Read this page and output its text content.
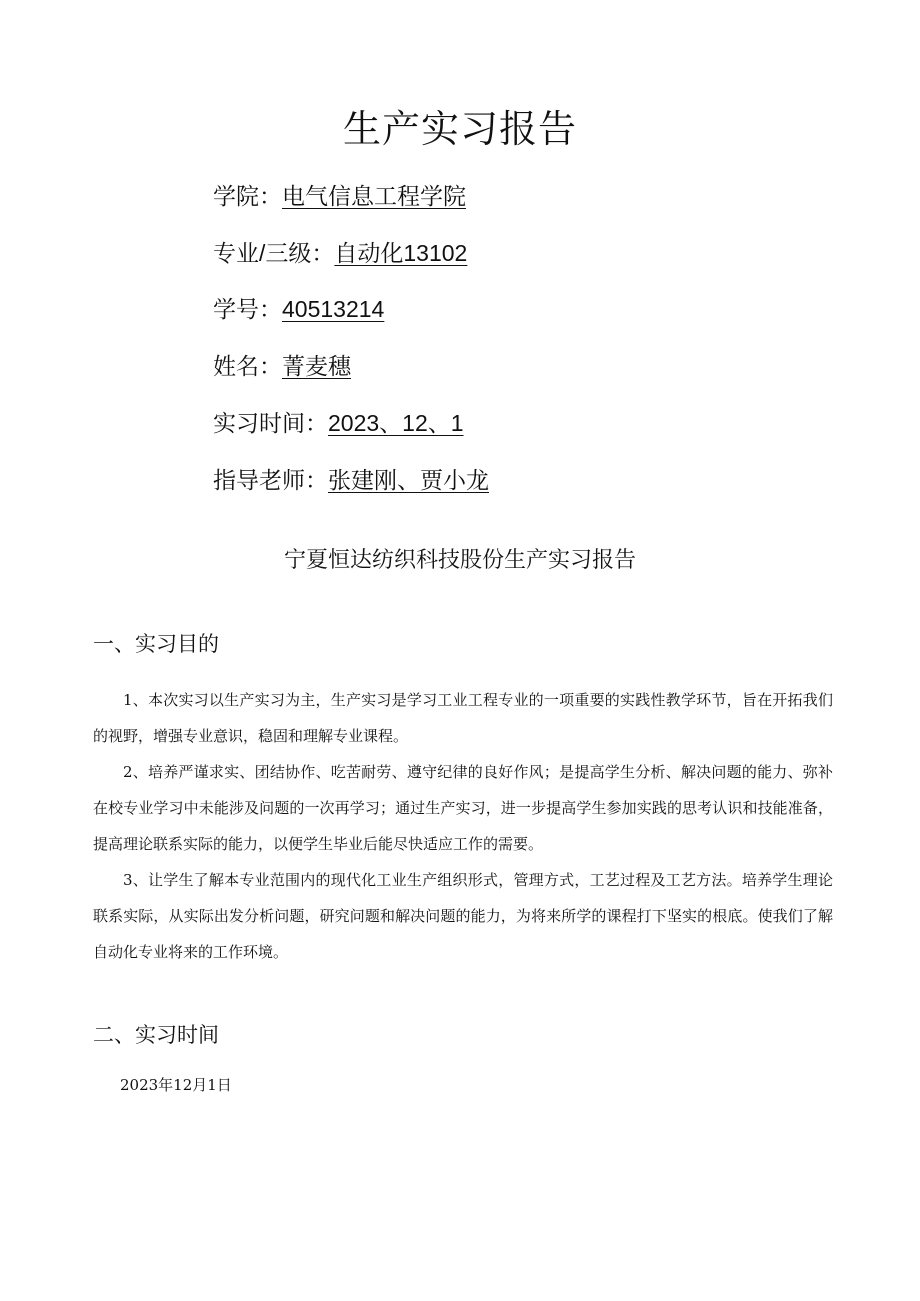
生产实习报告
学院：电气信息工程学院
专业/三级：自动化13102
学号：40513214
姓名：菁麦穗
实习时间：2023、12、1
指导老师：张建刚、贾小龙
宁夏恒达纺织科技股份生产实习报告
一、实习目的

1、本次实习以生产实习为主，生产实习是学习工业工程专业的一项重要的实践性教学环节，旨在开拓我们的视野，增强专业意识，稳固和理解专业课程。

2、培养严谨求实、团结协作、吃苦耐劳、遵守纪律的良好作风；是提高学生分析、解决问题的能力、弥补在校专业学习中未能涉及问题的一次再学习；通过生产实习，进一步提高学生参加实践的思考认识和技能准备，提高理论联系实际的能力，以便学生毕业后能尽快适应工作的需要。

3、让学生了解本专业范围内的现代化工业生产组织形式，管理方式，工艺过程及工艺方法。培养学生理论联系实际，从实际出发分析问题，研究问题和解决问题的能力，为将来所学的课程打下坚实的根底。使我们了解自动化专业将来的工作环境。

二、实习时间
2023年12月1日
